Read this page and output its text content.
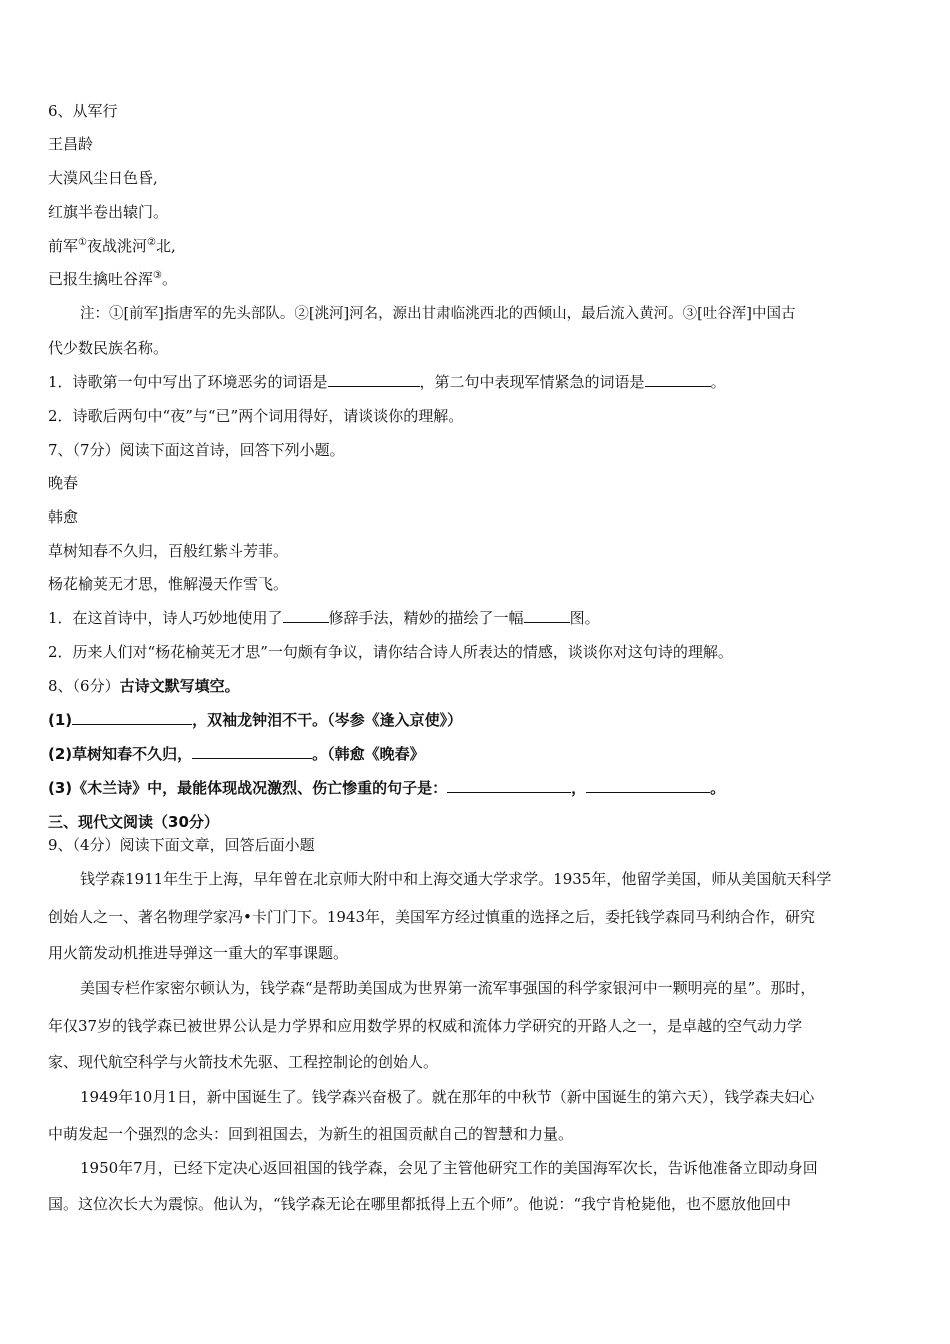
6、从军行
王昌龄
大漠风尘日色昏,
红旗半卷出辕门。
前军①夜战洮河②北,
已报生擒吐谷浑③。
注：①[前军]指唐军的先头部队。②[洮河]河名，源出甘肃临洮西北的西倾山，最后流入黄河。③[吐谷浑]中国古
代少数民族名称。
1．诗歌第一句中写出了环境恶劣的词语是	，第二句中表现军情紧急的词语是	。
2．诗歌后两句中“夜”与“已”两个词用得好，请谈谈你的理解。
7、（7分）阅读下面这首诗，回答下列小题。
晚春
韩愈
草树知春不久归，百般红紫斗芳菲。
杨花榆荚无才思，惟解漫天作雪飞。
1．在这首诗中，诗人巧妙地使用了	修辞手法，精妙的描绘了一幅	图。
2．历来人们对“杨花榆荚无才思”一句颇有争议，请你结合诗人所表达的情感，谈谈你对这句诗的理解。
8、（6分）古诗文默写填空。
(1)	，双袖龙钟泪不干。（岑参《逢入京使》）
(2)草树知春不久归，	。（韩愈《晚春》
(3)《木兰诗》中，最能体现战况激烈、伤亡惨重的句子是：	，	。
三、现代文阅读（30分）
9、（4分）阅读下面文章，回答后面小题
钱学森1911年生于上海，早年曾在北京师大附中和上海交通大学求学。1935年，他留学美国，师从美国航天科学
创始人之一、著名物理学家冯•卡门门下。1943年，美国军方经过慎重的选择之后，委托钱学森同马利纳合作，研究
用火箭发动机推进导弹这一重大的军事课题。
美国专栏作家密尔顿认为，钱学森“是帮助美国成为世界第一流军事强国的科学家银河中一颗明亮的星”。那时，
年仅37岁的钱学森已被世界公认是力学界和应用数学界的权威和流体力学研究的开路人之一，是卓越的空气动力学
家、现代航空科学与火箭技术先驱、工程控制论的创始人。
1949年10月1日，新中国诞生了。钱学森兴奋极了。就在那年的中秋节（新中国诞生的第六天），钱学森夫妇心
中萌发起一个强烈的念头：回到祖国去，为新生的祖国贡献自己的智慧和力量。
1950年7月，已经下定决心返回祖国的钱学森，会见了主管他研究工作的美国海军次长，告诉他准备立即动身回
国。这位次长大为震惊。他认为，“钱学森无论在哪里都抵得上五个师”。他说：“我宁肯枪毙他，也不愿放他回中
